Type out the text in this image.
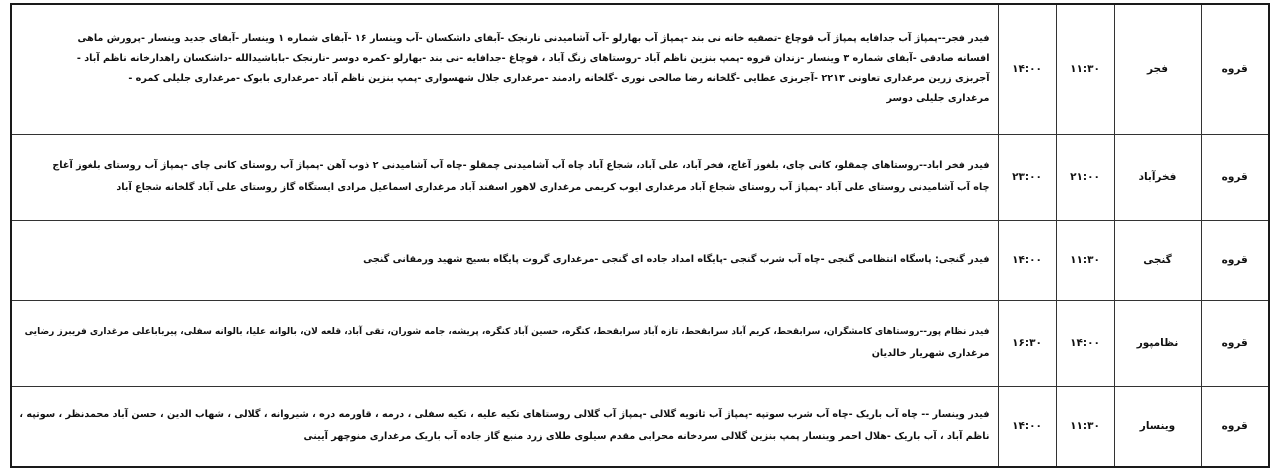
قروه	فجر	۱۱:۳۰	۱۴:۰۰	فیدر فجر--پمپاژ آب جدافایه پمپاژ آب قوچاغ -تصفیه خانه نی بند -پمپاژ آب بهارلو -آب آشامیدنی نارنجک -آبفای داشکسان -آب وینسار ۱۶ -آبفای شماره ۱ وینسار -آبفای جدید وینسار -پرورش ماهی
افسانه صادقی -آبفای شماره ۳ وینسار -زندان قروه -پمپ بنزین ناظم آباد -روستاهای زنگ آباد ، قوچاغ -جدافایه -نی بند -بهارلو -کمره دوسر -نارنجک -باباشیدالله -داشکسان راهدارخانه ناظم آباد -
آجربزی زرین مرغداری تعاونی ۲۲۱۳ -آجربزی عطایی -گلخانه رضا صالحی نوری -گلخانه رادمند -مرغداری جلال شهسواری -پمپ بنزین ناظم آباد -مرغداری بابوک -مرغداری جلیلی کمره -
مرغداری جلیلی دوسر

قروه	فخرآباد	۲۱:۰۰	۲۳:۰۰	فیدر فخر اباد--روستاهای چمقلو، کانی چای، بلغوز آغاج، فخر آباد، علی آباد، شجاع آباد چاه آب آشامیدنی چمقلو -چاه آب آشامیدنی ۲ ذوب آهن -پمپاژ آب روستای کانی چای -پمپاژ آب روستای بلغوز آغاج
چاه آب آشامیدنی روستای علی آباد -پمپاژ آب روستای شجاع آباد مرغداری ایوب کریمی مرغداری لاهور اسفند آباد مرغداری اسماعیل مرادی ایستگاه گاز روستای علی آباد گلخانه شجاع آباد

قروه	گنجی	۱۱:۳۰	۱۴:۰۰	فیدر گنجی: پاسگاه انتظامی گنجی -چاه آب شرب گنجی -پایگاه امداد جاده ای گنجی -مرغداری گروت پایگاه بسیج شهید ورمقانی گنجی

قروه	نظامپور	۱۴:۰۰	۱۶:۳۰	فیدر نظام پور--روستاهای کامشگران، سرابقحط، کریم آباد سرابقحط، تازه آباد سرابقحط، کنگره، حسین آباد کنگره، پریشه، جامه شوران، تقی آباد، قلعه لان، بالوانه علیا، بالوانه سفلی، پیرباباعلی مرغداری فریبرز رضایی
مرغداری شهریار خالدیان

قروه	وینسار	۱۱:۳۰	۱۴:۰۰	فیدر وینسار -- چاه آب باریک -چاه آب شرب سوتپه -پمپاژ آب ثانویه گلالی -پمپاژ آب گلالی روستاهای تکیه علیه ، تکیه سفلی ، درمه ، قاورمه دره ، شیروانه ، گلالی ، شهاب الدین ، حسن آباد محمدنظر ، سوتپه ،
ناظم آباد ، آب باریک -هلال احمر وینسار پمپ بنزین گلالی سردخانه محرابی مقدم سیلوی طلای زرد منبع گاز جاده آب باریک مرغداری منوچهر آیینی
